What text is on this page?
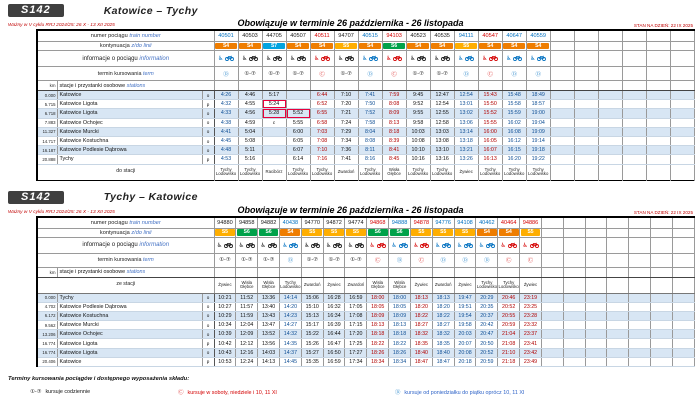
S142	Katowice – Tychy
Ważny w V cyklu RRJ 2024/25: 26 X - 13 XII 2025	Obowiązuje w terminie 26 października - 26 listopada	STAN NA DZIEŃ: 22 IX 2025
numer pociągu train number			40501	40503	44705	40507	40511	94707	40515	94103	40523	40535	94111	40547	40647	40559						
kontynuacja z/do linii			S4	S4	S7	S4	S4	S5	S4	S6	S4	S4	S5	S4	S4	S4						

informacje o pociągu information			♿	♿	♿	♿	♿	♿	♿	♿	♿	♿	♿	♿	♿	♿						
termin kursowania term			Ⓓ	①-⑦	①-⑦	①-⑦	Ⓒ	①-⑦	Ⓓ	Ⓒ	①-⑦	①-⑦	Ⓓ	Ⓒ	Ⓓ	Ⓓ						
km	stacje i przystanki osobowe stations																					
0.000	Katowice	o	4:26	4:46	5:17		6:44	7:10	7:41	7:59	9:45	12:47	12:54	15:43	15:48	18:49						
5.715	Katowice Ligota	p	4:32	4:55	5:24		6:52	7:20	7:50	8:08	9:52	12:54	13:01	15:50	15:58	18:57						
6.718	Katowice Ligota	o	4:33	4:56	5:28	5:52	6:55	7:21	7:52	8:09	9:55	12:55	13:02	15:52	15:59	19:00						
7.883	Katowice Ochojec	o	4:38	4:59	c	5:55	6:58	7:24	7:58	8:13	9:58	12:58	13:06	15:55	16:02	19:04						
11.327	Katowice Murcki	o	4:41	5:04		6:00	7:03	7:29	8:04	8:18	10:03	13:03	13:14	16:00	16:08	19:09						
14.717	Katowice Kostuchna	o	4:45	5:08		6:05	7:08	7:34	8:08	8:39	10:08	13:08	13:18	16:05	16:12	19:14						
16.187	Katowice Podlesie Dąbrowa	o	4:48	5:11		6:07	7:10	7:36	8:11	8:41	10:10	13:10	13:21	16:07	16:15	19:18						
20.888	Tychy	p	4:53	5:16		6:14	7:16	7:41	8:16	8:45	10:16	13:16	13:26	16:13	16:20	19:22						
do stacji			Tychy Lodowisko	Tychy Lodowisko	Racibórz	Tychy Lodowisko	Tychy Lodowisko	Zwardoń	Tychy Lodowisko	Wisła Głębce	Tychy Lodowisko	Tychy Lodowisko	Żywiec	Tychy Lodowisko	Tychy Lodowisko	Tychy Lodowisko						
S142	Tychy – Katowice
Ważny w V cyklu RRJ 2024/25: 26 X - 13 XII 2025	Obowiązuje w terminie 26 października - 26 listopada	STAN NA DZIEŃ: 22 IX 2025
numer pociągu train number			94880	94858	94882	40438	94770	94872	94774	94868	94888	94878	94776	94108	40462	40464	94886							
kontynuacja z/do linii			S5	S6	S6	S4	S5	S5	S5	S6	S6	S5	S5	S5	S4	S4	S5							

informacje o pociągu information			♿	♿	♿	♿	♿	♿	♿	♿	♿	♿	♿	♿	♿	♿	♿							
termin kursowania term			①-⑦	①-⑦	①-⑦	Ⓓ	①-⑦	①-⑦	①-⑦	Ⓒ	Ⓓ	Ⓒ	Ⓓ	Ⓓ	Ⓓ	Ⓒ	Ⓒ							
km	stacje i przystanki osobowe stations																							
ze stacji			Żywiec	Wisła Głębce	Wisła Głębce	Tychy Lodowisko	Zwardoń	Żywiec	Zwardoń	Wisła Głębce	Wisła Głębce	Żywiec	Zwardoń	Żywiec	Tychy Lodowisko	Tychy Lodowisko	Żywiec							
0.000	Tychy	o	10:21	11:52	13:36	14:14	15:06	16:28	16:59	18:00	18:00	18:13	18:13	19:47	20:29	20:46	23:19							
4.702	Katowice Podlesie Dąbrowa	o	10:27	11:57	13:40	14:20	15:10	16:32	17:05	18:05	18:05	18:20	18:20	19:51	20:35	20:52	23:25							
6.172	Katowice Kostuchna	o	10:29	11:59	13:43	14:23	15:13	16:34	17:08	18:09	18:09	18:22	18:22	19:54	20:37	20:55	23:28							
9.562	Katowice Murcki	o	10:34	12:04	13:47	14:27	15:17	16:39	17:15	18:13	18:13	18:27	18:27	19:58	20:42	20:59	23:32							
13.206	Katowice Ochojec	o	10:39	12:09	13:52	14:32	15:22	16:44	17:20	18:18	18:18	18:32	18:32	20:03	20:47	21:04	23:37							
16.774	Katowice Ligota	p	10:42	12:12	13:56	14:35	15:26	16:47	17:25	18:22	18:22	18:35	18:35	20:07	20:50	21:08	23:41							
16.774	Katowice Ligota	o	10:43	12:16	14:03	14:37	15:27	16:50	17:27	18:26	18:26	18:40	18:40	20:08	20:52	21:10	23:42							
20.406	Katowice	p	10:53	12:24	14:13	14:45	15:35	16:59	17:34	18:34	18:34	18:47	18:47	20:18	20:59	21:18	23:49							
Terminy kursowania pociągów i dostępnego wyposażenia składu:
①-⑦ kursuje codziennie	Ⓒ kursuje w soboty, niedziele i 10, 11 XI	Ⓓ kursuje od poniedziałku do piątku oprócz 10, 11 XI
